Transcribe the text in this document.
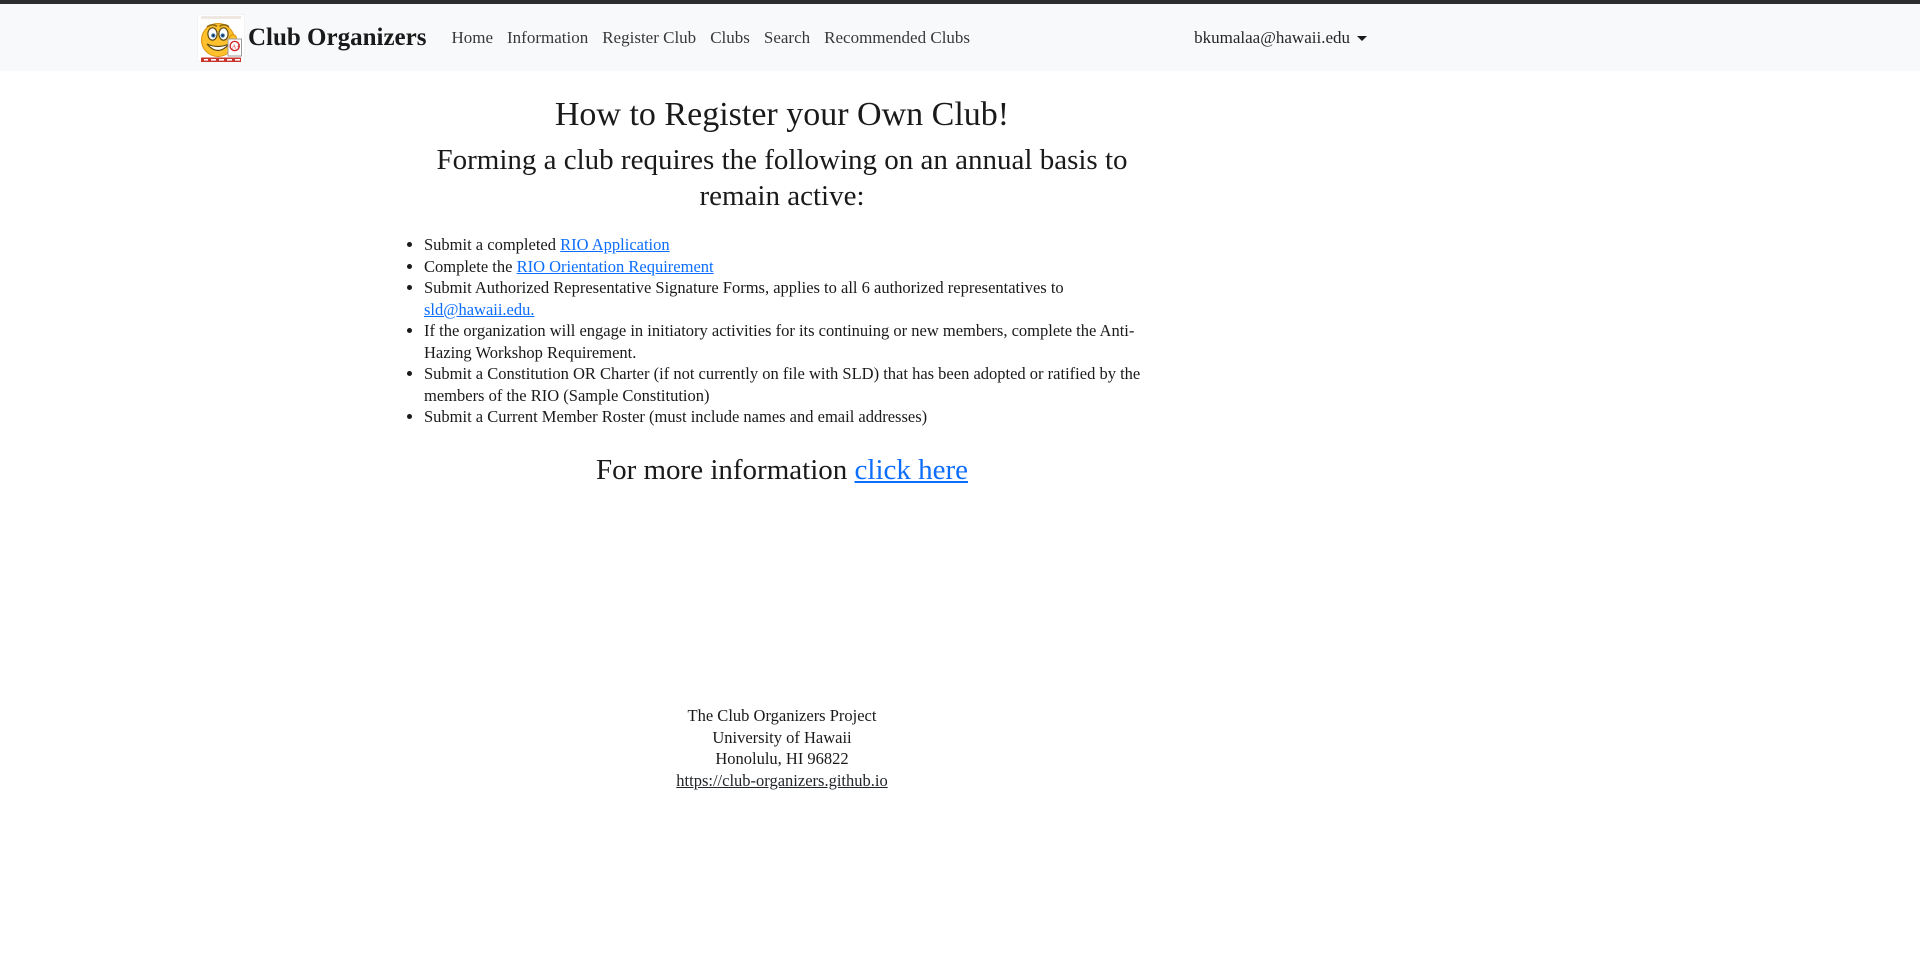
A+ Club Organizers	Home Information Register Club Clubs Search Recommended Clubs	bkumalaa@hawaii.edu
How to Register your Own Club!
Forming a club requires the following on an annual basis to remain active:
• Submit a completed RIO Application
• Complete the RIO Orientation Requirement
• Submit Authorized Representative Signature Forms, applies to all 6 authorized representatives to sld@hawaii.edu.
• If the organization will engage in initiatory activities for its continuing or new members, complete the Anti-Hazing Workshop Requirement.
• Submit a Constitution OR Charter (if not currently on file with SLD) that has been adopted or ratified by the members of the RIO (Sample Constitution)
• Submit a Current Member Roster (must include names and email addresses)
For more information click here
The Club Organizers Project
University of Hawaii
Honolulu, HI 96822
https://club-organizers.github.io
